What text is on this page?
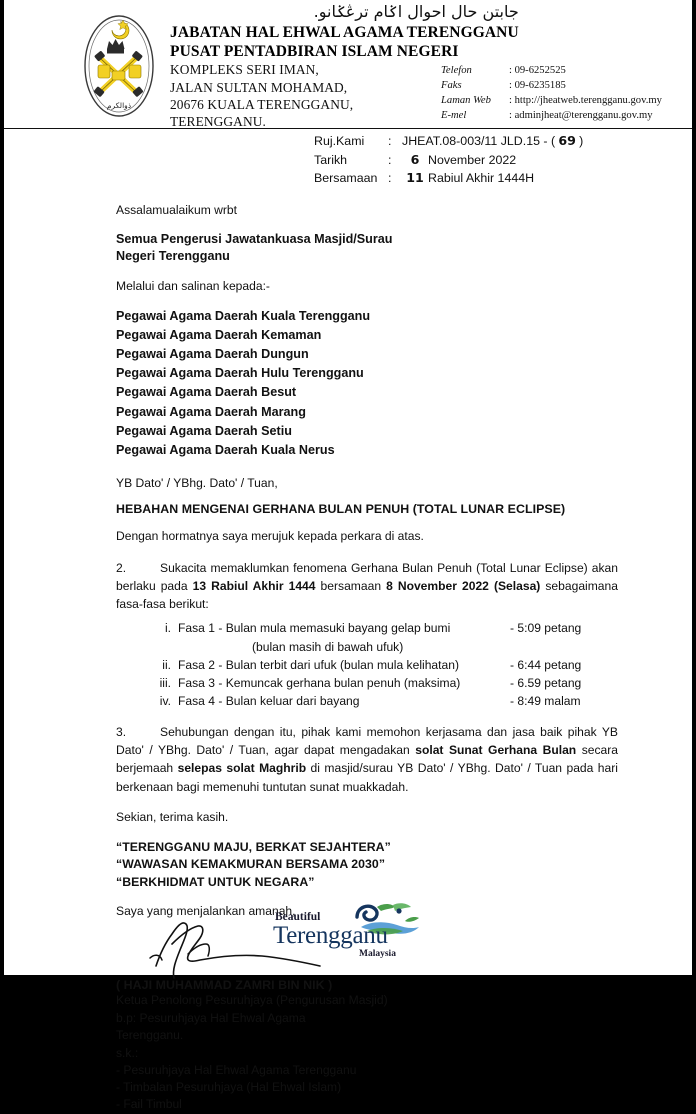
ذوالكرم
جابتن حال احوال اݢام ترڠݢانو.
JABATAN HAL EHWAL AGAMA TERENGGANU
PUSAT PENTADBIRAN ISLAM NEGERI
KOMPLEKS SERI IMAN,
JALAN SULTAN MOHAMAD,
20676 KUALA TERENGGANU,
TERENGGANU.
Telefon	: 09-6252525
Faks	: 09-6235185
Laman Web	: http://jheatweb.terengganu.gov.my
E-mel	: adminjheat@terengganu.gov.my
Ruj.Kami	: JHEAT.08-003/11 JLD.15 - ( 69 )
Tarikh	:	6 November 2022
Bersamaan :	11 Rabiul Akhir 1444H

Assalamualaikum wrbt

Semua Pengerusi Jawatankuasa Masjid/Surau
Negeri Terengganu

Melalui dan salinan kepada:-

Pegawai Agama Daerah Kuala Terengganu
Pegawai Agama Daerah Kemaman
Pegawai Agama Daerah Dungun
Pegawai Agama Daerah Hulu Terengganu
Pegawai Agama Daerah Besut
Pegawai Agama Daerah Marang
Pegawai Agama Daerah Setiu
Pegawai Agama Daerah Kuala Nerus

YB Dato' / YBhg. Dato' / Tuan,

HEBAHAN MENGENAI GERHANA BULAN PENUH (TOTAL LUNAR ECLIPSE)

Dengan hormatnya saya merujuk kepada perkara di atas.

2.	Sukacita memaklumkan fenomena Gerhana Bulan Penuh (Total Lunar Eclipse) akan berlaku pada 13 Rabiul Akhir 1444 bersamaan 8 November 2022 (Selasa) sebagaimana fasa-fasa berikut:

i. Fasa 1 - Bulan mula memasuki bayang gelap bumi	- 5:09 petang
(bulan masih di bawah ufuk)
ii. Fasa 2 - Bulan terbit dari ufuk (bulan mula kelihatan)	- 6:44 petang
iii. Fasa 3 - Kemuncak gerhana bulan penuh (maksima)	- 6.59 petang
iv. Fasa 4 - Bulan keluar dari bayang	- 8:49 malam

3.	Sehubungan dengan itu, pihak kami memohon kerjasama dan jasa baik pihak YB Dato' / YBhg. Dato' / Tuan, agar dapat mengadakan solat Sunat Gerhana Bulan secara berjemaah selepas solat Maghrib di masjid/surau YB Dato' / YBhg. Dato' / Tuan pada hari berkenaan bagi memenuhi tuntutan sunat muakkadah.

Sekian, terima kasih.

“TERENGGANU MAJU, BERKAT SEJAHTERA”
“WAWASAN KEMAKMURAN BERSAMA 2030”
“BERKHIDMAT UNTUK NEGARA”

Saya yang menjalankan amanah,

( HAJI MUHAMMAD ZAMRI BIN NIK )
Ketua Penolong Pesuruhjaya (Pengurusan Masjid)
b.p: Pesuruhjaya Hal Ehwal Agama
Terengganu.
s.k.:
- Pesuruhjaya Hal Ehwal Agama Terengganu
- Timbalan Pesuruhjaya (Hal Ehwal Islam)
- Fail Timbul
Beautiful
Terengganu
Malaysia
